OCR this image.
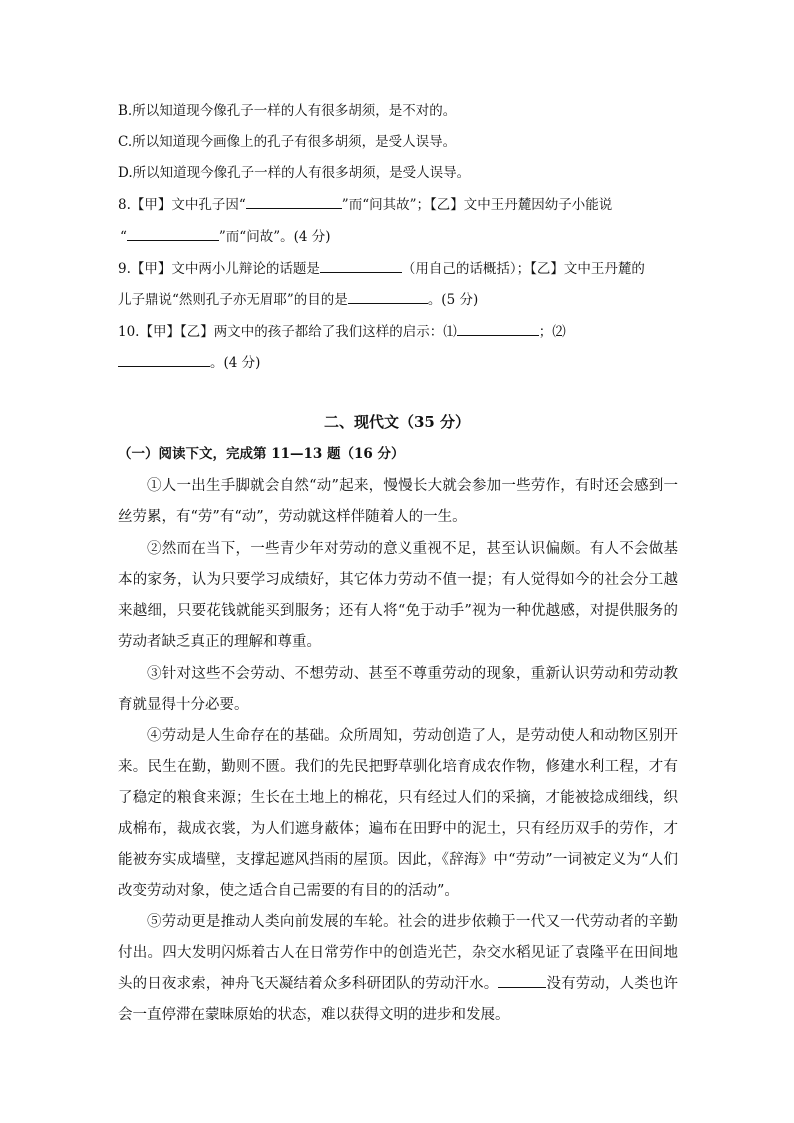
B.所以知道现今像孔子一样的人有很多胡须，是不对的。
C.所以知道现今画像上的孔子有很多胡须，是受人误导。
D.所以知道现今像孔子一样的人有很多胡须，是受人误导。
8.【甲】文中孔子因“	”而“问其故”；【乙】文中王丹麓因幼子小能说
“	”而“问故”。(4 分)
9.【甲】文中两小儿辩论的话题是	（用自己的话概括）；【乙】文中王丹麓的
儿子鼎说“然则孔子亦无眉耶”的目的是	。(5 分)
10.【甲】【乙】两文中的孩子都给了我们这样的启示：⑴	；⑵
。(4 分)
二、现代文（35 分）
（一）阅读下文，完成第 11—13 题（16 分）

①人一出生手脚就会自然“动”起来，慢慢长大就会参加一些劳作，有时还会感到一丝劳累，有“劳”有“动”，劳动就这样伴随着人的一生。

②然而在当下，一些青少年对劳动的意义重视不足，甚至认识偏颇。有人不会做基本的家务，认为只要学习成绩好，其它体力劳动不值一提；有人觉得如今的社会分工越来越细，只要花钱就能买到服务；还有人将“免于动手”视为一种优越感，对提供服务的劳动者缺乏真正的理解和尊重。

③针对这些不会劳动、不想劳动、甚至不尊重劳动的现象，重新认识劳动和劳动教育就显得十分必要。

④劳动是人生命存在的基础。众所周知，劳动创造了人，是劳动使人和动物区别开来。民生在勤，勤则不匮。我们的先民把野草驯化培育成农作物，修建水利工程，才有了稳定的粮食来源；生长在土地上的棉花，只有经过人们的采摘，才能被捻成细线，织成棉布，裁成衣裳，为人们遮身蔽体；遍布在田野中的泥土，只有经历双手的劳作，才能被夯实成墙壁，支撑起遮风挡雨的屋顶。因此，《辞海》中“劳动”一词被定义为“人们改变劳动对象，使之适合自己需要的有目的的活动”。

⑤劳动更是推动人类向前发展的车轮。社会的进步依赖于一代又一代劳动者的辛勤付出。四大发明闪烁着古人在日常劳作中的创造光芒，杂交水稻见证了袁隆平在田间地头的日夜求索，神舟飞天凝结着众多科研团队的劳动汗水。	没有劳动，人类也许会一直停滞在蒙昧原始的状态，难以获得文明的进步和发展。
